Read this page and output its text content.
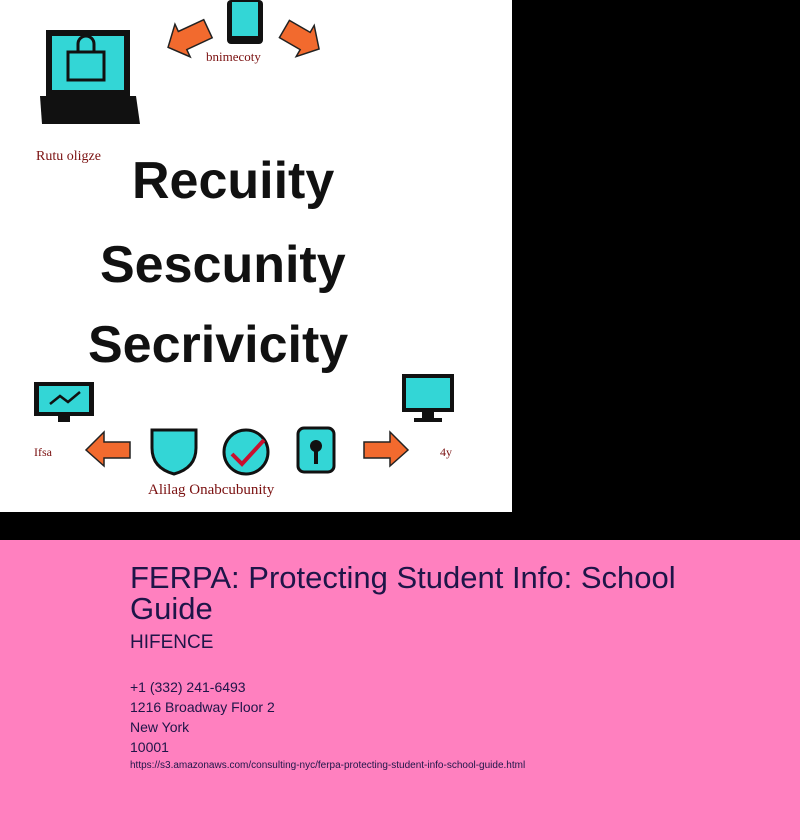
bnimecoty
Rutu oligze Recuiity
Sescunity
Secrivicity
Ifsa	4y
Alilag Onabcubunity
FERPA: Protecting Student Info: School Guide
HIFENCE
+1 (332) 241-6493
1216 Broadway Floor 2
New York
10001
https://s3.amazonaws.com/consulting-nyc/ferpa-protecting-student-info-school-guide.html
